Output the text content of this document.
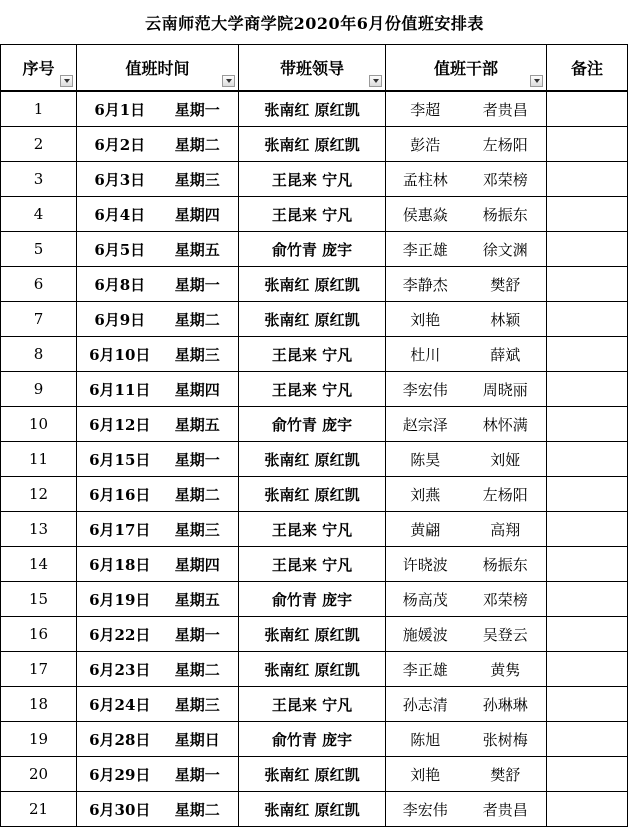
云南师范大学商学院2020年6月份值班安排表
序号	值班时间		带班领导	值班干部		备注
1	6月1日	星期一	张南红 原红凯	李超	者贵昌	
2	6月2日	星期二	张南红 原红凯	彭浩	左杨阳	
3	6月3日	星期三	王昆来 宁凡	孟柱林	邓荣榜	
4	6月4日	星期四	王昆来 宁凡	侯惠焱	杨振东	
5	6月5日	星期五	俞竹青 庞宇	李正雄	徐文渊	
6	6月8日	星期一	张南红 原红凯	李静杰	樊舒	
7	6月9日	星期二	张南红 原红凯	刘艳	林颖	
8	6月10日	星期三	王昆来 宁凡	杜川	薛斌	
9	6月11日	星期四	王昆来 宁凡	李宏伟	周晓丽	
10	6月12日	星期五	俞竹青 庞宇	赵宗泽	林怀满	
11	6月15日	星期一	张南红 原红凯	陈昊	刘娅	
12	6月16日	星期二	张南红 原红凯	刘燕	左杨阳	
13	6月17日	星期三	王昆来 宁凡	黄翩	高翔	
14	6月18日	星期四	王昆来 宁凡	许晓波	杨振东	
15	6月19日	星期五	俞竹青 庞宇	杨高茂	邓荣榜	
16	6月22日	星期一	张南红 原红凯	施媛波	吴登云	
17	6月23日	星期二	张南红 原红凯	李正雄	黄隽	
18	6月24日	星期三	王昆来 宁凡	孙志清	孙琳琳	
19	6月28日	星期日	俞竹青 庞宇	陈旭	张树梅	
20	6月29日	星期一	张南红 原红凯	刘艳	樊舒	
21	6月30日	星期二	张南红 原红凯	李宏伟	者贵昌	
